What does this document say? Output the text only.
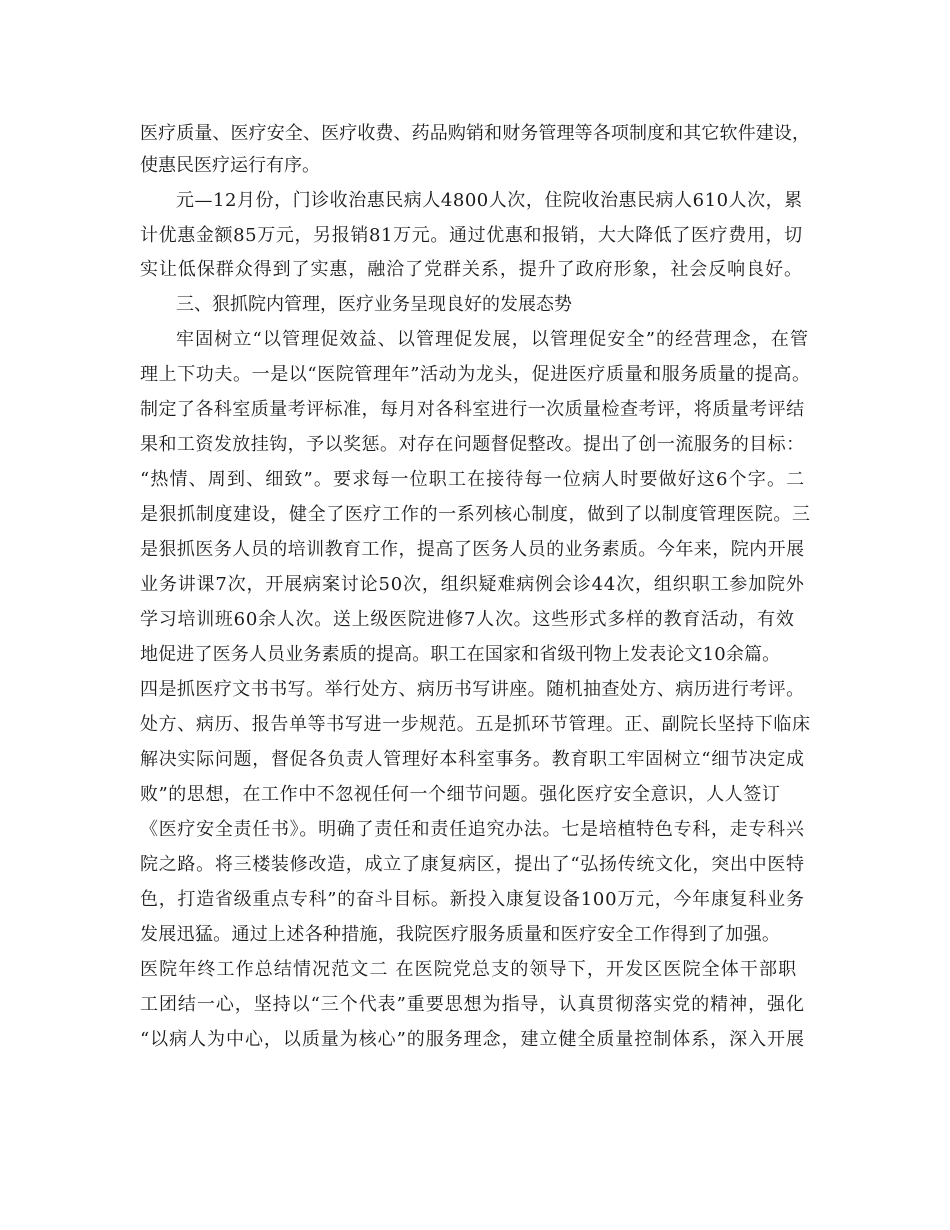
医疗质量、医疗安全、医疗收费、药品购销和财务管理等各项制度和其它软件建设，
使惠民医疗运行有序。
元—12月份，门诊收治惠民病人4800人次，住院收治惠民病人610人次，累
计优惠金额85万元，另报销81万元。通过优惠和报销，大大降低了医疗费用，切
实让低保群众得到了实惠，融洽了党群关系，提升了政府形象，社会反响良好。
三、狠抓院内管理，医疗业务呈现良好的发展态势
牢固树立“以管理促效益、以管理促发展，以管理促安全”的经营理念，在管
理上下功夫。一是以“医院管理年”活动为龙头，促进医疗质量和服务质量的提高。
制定了各科室质量考评标准，每月对各科室进行一次质量检查考评，将质量考评结
果和工资发放挂钩，予以奖惩。对存在问题督促整改。提出了创一流服务的目标：
“热情、周到、细致”。要求每一位职工在接待每一位病人时要做好这6个字。二
是狠抓制度建设，健全了医疗工作的一系列核心制度，做到了以制度管理医院。三
是狠抓医务人员的培训教育工作，提高了医务人员的业务素质。今年来，院内开展
业务讲课7次，开展病案讨论50次，组织疑难病例会诊44次，组织职工参加院外
学习培训班60余人次。送上级医院进修7人次。这些形式多样的教育活动，有效
地促进了医务人员业务素质的提高。职工在国家和省级刊物上发表论文10余篇。
四是抓医疗文书书写。举行处方、病历书写讲座。随机抽查处方、病历进行考评。
处方、病历、报告单等书写进一步规范。五是抓环节管理。正、副院长坚持下临床
解决实际问题，督促各负责人管理好本科室事务。教育职工牢固树立“细节决定成
败”的思想，在工作中不忽视任何一个细节问题。强化医疗安全意识，人人签订
《医疗安全责任书》。明确了责任和责任追究办法。七是培植特色专科，走专科兴
院之路。将三楼装修改造，成立了康复病区，提出了“弘扬传统文化，突出中医特
色，打造省级重点专科”的奋斗目标。新投入康复设备100万元，今年康复科业务
发展迅猛。通过上述各种措施，我院医疗服务质量和医疗安全工作得到了加强。
医院年终工作总结情况范文二 在医院党总支的领导下，开发区医院全体干部职
工团结一心，坚持以“三个代表”重要思想为指导，认真贯彻落实党的精神，强化
“以病人为中心，以质量为核心”的服务理念，建立健全质量控制体系，深入开展
